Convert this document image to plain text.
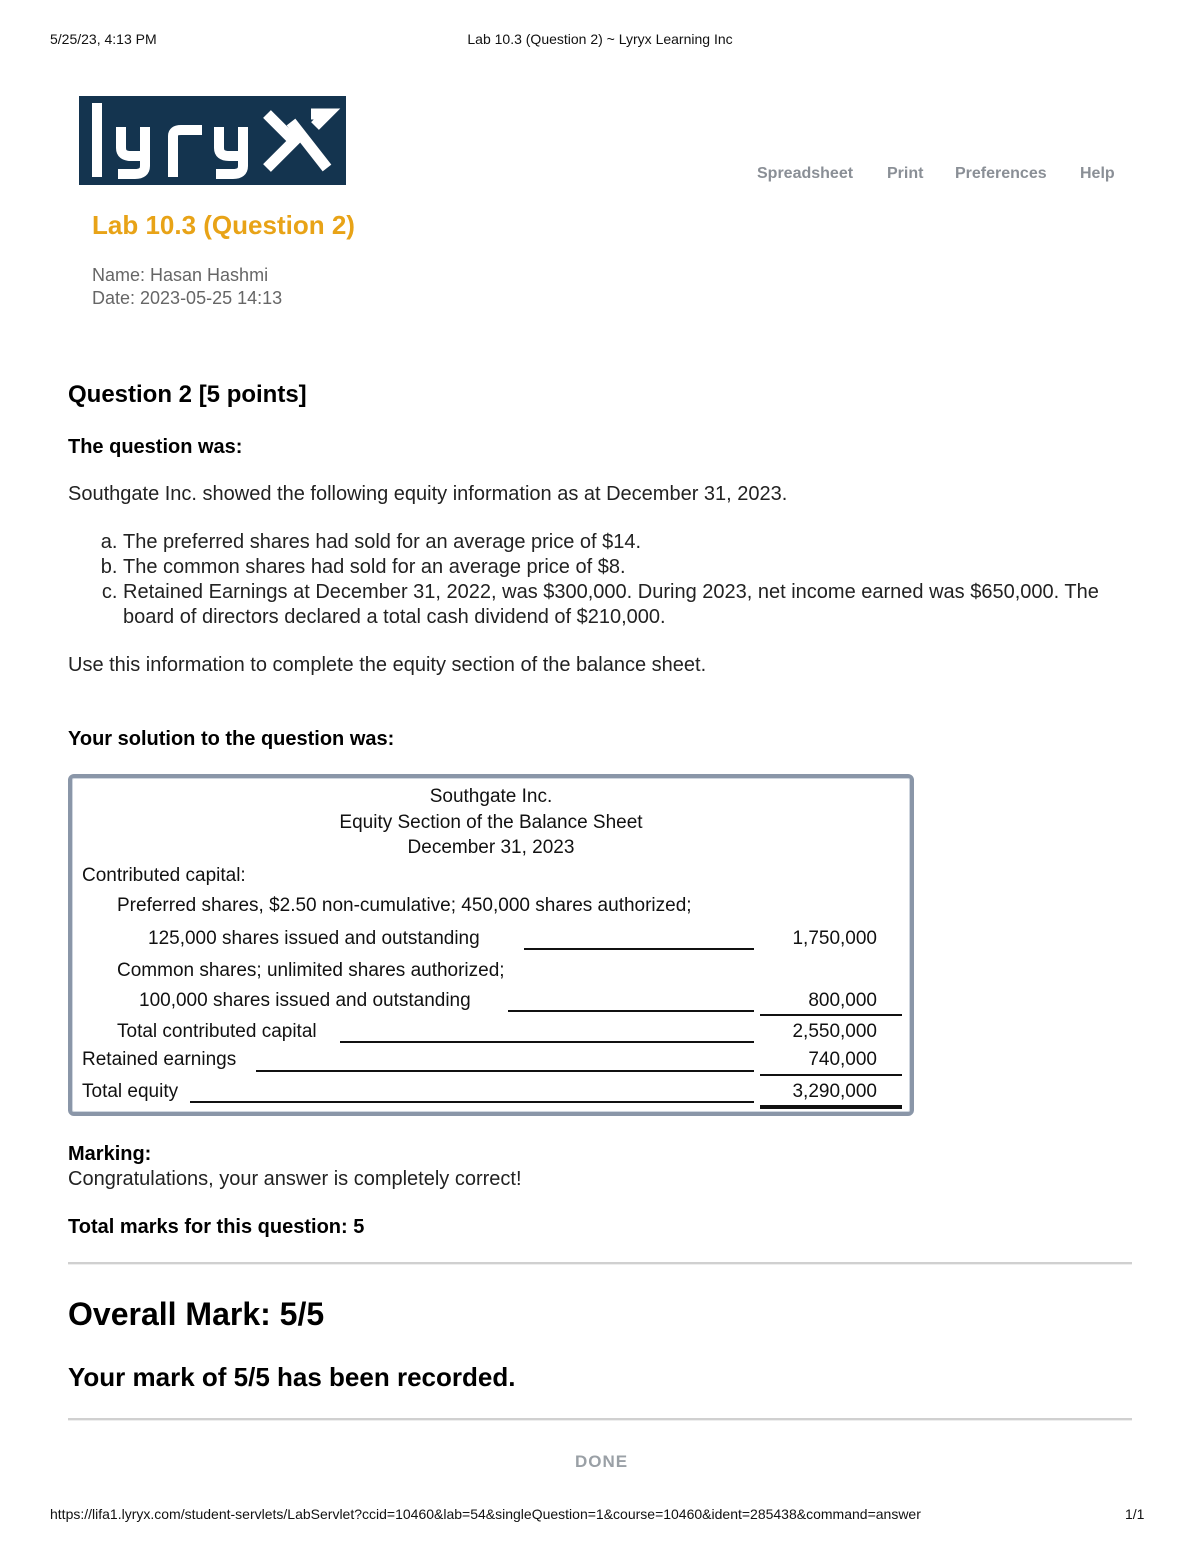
5/25/23, 4:13 PM	Lab 10.3 (Question 2) ~ Lyryx Learning Inc
Spreadsheet Print Preferences Help
Lab 10.3 (Question 2)
Name: Hasan Hashmi
Date: 2023-05-25 14:13
Question 2 [5 points]
The question was:
Southgate Inc. showed the following equity information as at December 31, 2023.
a. The preferred shares had sold for an average price of $14.
b. The common shares had sold for an average price of $8.
c. Retained Earnings at December 31, 2022, was $300,000. During 2023, net income earned was $650,000. The board of directors declared a total cash dividend of $210,000.
Use this information to complete the equity section of the balance sheet.
Your solution to the question was:
Southgate Inc.
Equity Section of the Balance Sheet
December 31, 2023
Contributed capital:
Preferred shares, $2.50 non-cumulative; 450,000 shares authorized;
125,000 shares issued and outstanding	1,750,000
Common shares; unlimited shares authorized;
100,000 shares issued and outstanding	800,000
Total contributed capital	2,550,000
Retained earnings	740,000
Total equity	3,290,000
Marking:
Congratulations, your answer is completely correct!
Total marks for this question: 5
Overall Mark: 5/5
Your mark of 5/5 has been recorded.
DONE
https://lifa1.lyryx.com/student-servlets/LabServlet?ccid=10460&lab=54&singleQuestion=1&course=10460&ident=285438&command=answer	1/1
